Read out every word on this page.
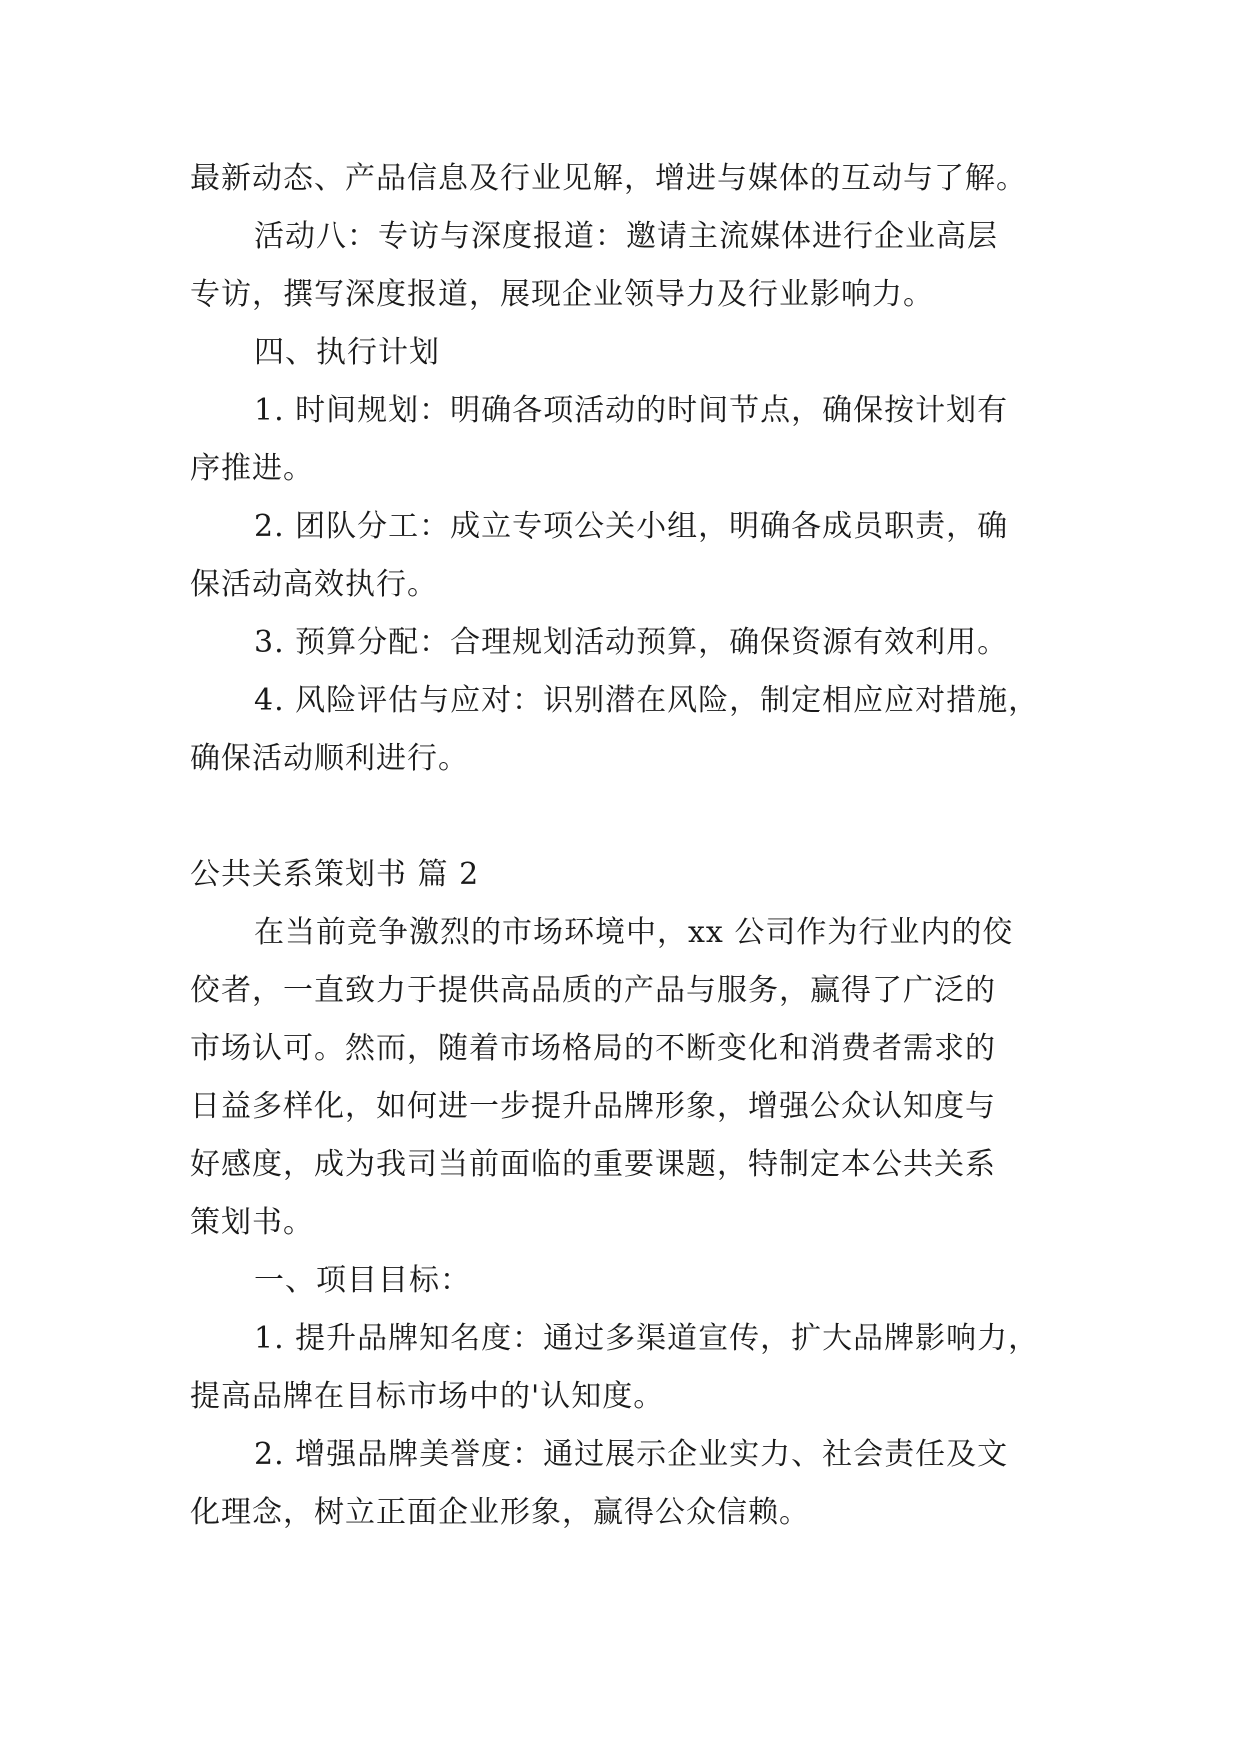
最新动态、产品信息及行业见解，增进与媒体的互动与了解。
活动八：专访与深度报道：邀请主流媒体进行企业高层
专访，撰写深度报道，展现企业领导力及行业影响力。
四、执行计划
1. 时间规划：明确各项活动的时间节点，确保按计划有
序推进。
2. 团队分工：成立专项公关小组，明确各成员职责，确
保活动高效执行。
3. 预算分配：合理规划活动预算，确保资源有效利用。
4. 风险评估与应对：识别潜在风险，制定相应应对措施，
确保活动顺利进行。
公共关系策划书 篇 2
在当前竞争激烈的市场环境中，xx 公司作为行业内的佼
佼者，一直致力于提供高品质的产品与服务，赢得了广泛的
市场认可。然而，随着市场格局的不断变化和消费者需求的
日益多样化，如何进一步提升品牌形象，增强公众认知度与
好感度，成为我司当前面临的重要课题，特制定本公共关系
策划书。
一、项目目标：
1. 提升品牌知名度：通过多渠道宣传，扩大品牌影响力，
提高品牌在目标市场中的'认知度。
2. 增强品牌美誉度：通过展示企业实力、社会责任及文
化理念，树立正面企业形象，赢得公众信赖。
